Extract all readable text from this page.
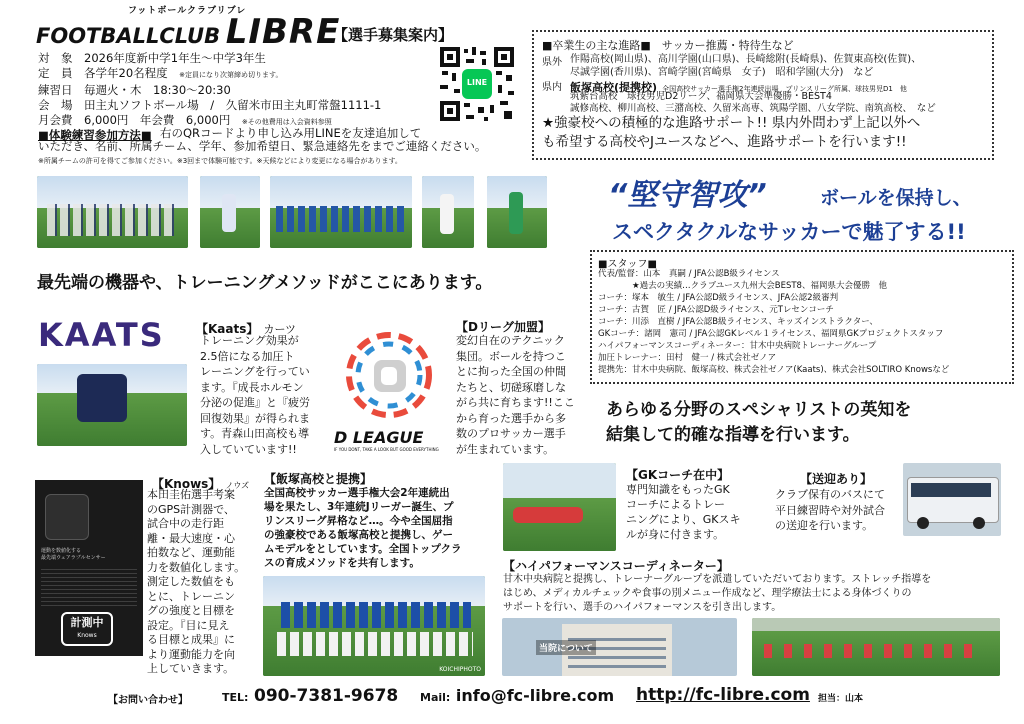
フットボールクラブリブレ
FOOTBALLCLUB LIBRE
【選手募集案内】
対　象　 2026年度新中学1年生〜中学3年生
定　員　 各学年20名程度　 ※定員になり次第締め切ります。
練習日　 毎週火・木　18:30〜20:30
会　場　 田主丸ソフトボール場　/　久留米市田主丸町常盤1111-1
月会費　 6,000円　年会費　6,000円　 ※その他費用は入会資料参照
■体験練習参加方法■ 右のQRコードより申し込み用LINEを友達追加して
いただき、名前、所属チーム、学年、参加希望日、緊急連絡先をまでご連絡ください。
※所属チームの許可を得てご参加ください。※3回まで体験可能です。※天候などにより変更になる場合があります。
LINE
■卒業生の主な進路■　サッカー推薦・特待生など
県外 作陽高校(岡山県)、高川学園(山口県)、長崎総附(長崎県)、佐賀東高校(佐賀)、
尽誠学園(香川県)、宮崎学園(宮崎県　女子)　昭和学園(大分)　など
県内 飯塚高校(提携校) 全国高校サッカー選手権2年連続出場　プリンスリーグ所属、球技男児D1　他
筑紫台高校　球技男児D2リーグ、福岡県大会準優勝・BEST4
誠修高校、柳川高校、三潴高校、久留米高専、筑陽学園、八女学院、南筑高校、　など
★強豪校への積極的な進路サポート!! 県内外問わず上記以外へ
も希望する高校やJユースなどへ、進路サポートを行います!!
“堅守智攻”	ボールを保持し、
スペクタクルなサッカーで魅了する!!
最先端の機器や、トレーニングメソッドがここにあります。
■スタッフ■
代表/監督：山本　真嗣 / JFA公認B級ライセンス
　　　　★過去の実績…クラブユース九州大会BEST8、福岡県大会優勝　他
コーチ：塚本　敏生 / JFA公認D級ライセンス、JFA公認2級審判
コーチ：古賀　匠 / JFA公認D級ライセンス、元Tレセンコーチ
コーチ：川添　直樹 / JFA公認B級ライセンス、キッズインストラクター、
GKコーチ：諸岡　憲司 / JFA公認GKレベル１ライセンス、福岡県GKプロジェクトスタッフ
ハイパフォーマンスコーディネーター：甘木中央病院トレーナーグループ
加圧トレーナー：田村　健一 / 株式会社ゼノア
提携先：甘木中央病院、飯塚高校、株式会社ゼノア(Kaats)、株式会社SOLTIRO Knowsなど
KAATS	【Kaats】 カーツ
トレーニング効果が
2.5倍になる加圧ト
レーニングを行ってい
ます。『成長ホルモン
分泌の促進』と『疲労
回復効果』が得られま
す。青森山田高校も導
入していています!!
D LEAGUE
IF YOU DONT, TAKE A LOOK BUT GOOD EVERYTHING
【Dリーグ加盟】
変幻自在のテクニック
集団。ボールを持つこ
とに拘った全国の仲間
たちと、切磋琢磨しな
がら共に育ちます!!ここ
から育った選手から多
数のプロサッカー選手
が生まれています。
あらゆる分野のスペシャリストの英知を
結集して的確な指導を行います。
運動を数値化する
最先端ウェアラブルセンサー
計測中
Knows
【Knows】 ノウズ
本田圭佑選手考案
のGPS計測器で、
試合中の走行距
離・最大速度・心
拍数など、運動能
力を数値化します。
測定した数値をも
とに、トレーニン
グの強度と目標を
設定。『目に見え
る目標と成果』に
より運動能力を向
上していきます。
【飯塚高校と提携】
全国高校サッカー選手権大会2年連続出
場を果たし、3年連続Jリーガー誕生、プ
リンスリーグ昇格など…。今や全国屈指
の強豪校である飯塚高校と提携し、ゲー
ムモデルをとしています。全国トップクラ
スの育成メソッドを共有します。
KOICHIPHOTO
【GKコーチ在中】
専門知識をもったGK
コーチによるトレー
ニングにより、GKスキ
ルが身に付きます。
【送迎あり】
クラブ保有のバスにて
平日練習時や対外試合
の送迎を行います。
【ハイパフォーマンスコーディネーター】
甘木中央病院と提携し、トレーナーグループを派遣していただいております。ストレッチ指導を
はじめ、メディカルチェックや食事の別メニュー作成など、理学療法士による身体づくりの
サポートを行い、選手のハイパフォーマンスを引き出します。
当院について
【お問い合わせ】	TEL: 090-7381-9678 Mail: info@fc-libre.com http://fc-libre.com 担当：山本
